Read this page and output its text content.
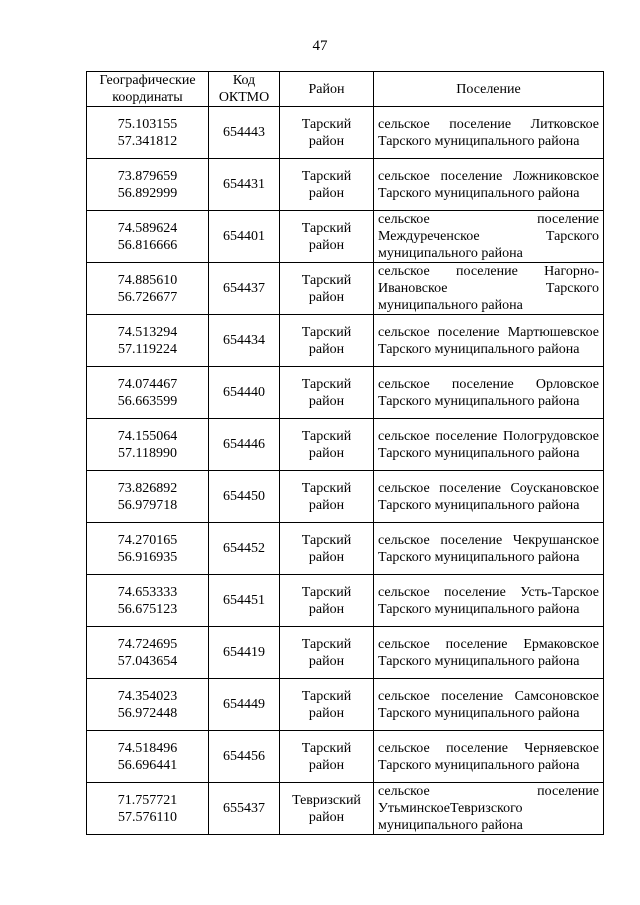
47
Географические координаты	Код ОКТМО	Район	Поселение

75.103155
57.341812	654443	Тарский район	сельское поселение Литковское Тарского муниципального района

73.879659
56.892999	654431	Тарский район	сельское поселение Ложниковское Тарского муниципального района

74.589624
56.816666	654401	Тарский район	сельское поселение Междуреченское Тарского муниципального района

74.885610
56.726677	654437	Тарский район	сельское поселение Нагорно-Ивановское Тарского муниципального района

74.513294
57.119224	654434	Тарский район	сельское поселение Мартюшевское Тарского муниципального района

74.074467
56.663599	654440	Тарский район	сельское поселение Орловское Тарского муниципального района

74.155064
57.118990	654446	Тарский район	сельское поселение Пологрудовское Тарского муниципального района

73.826892
56.979718	654450	Тарский район	сельское поселение Соускановское Тарского муниципального района

74.270165
56.916935	654452	Тарский район	сельское поселение Чекрушанское Тарского муниципального района

74.653333
56.675123	654451	Тарский район	сельское поселение Усть-Тарское Тарского муниципального района

74.724695
57.043654	654419	Тарский район	сельское поселение Ермаковское Тарского муниципального района

74.354023
56.972448	654449	Тарский район	сельское поселение Самсоновское Тарского муниципального района

74.518496
56.696441	654456	Тарский район	сельское поселение Черняевское Тарского муниципального района

71.757721
57.576110	655437	Тевризский район	сельское поселение УтьминскоеТевризского муниципального района
